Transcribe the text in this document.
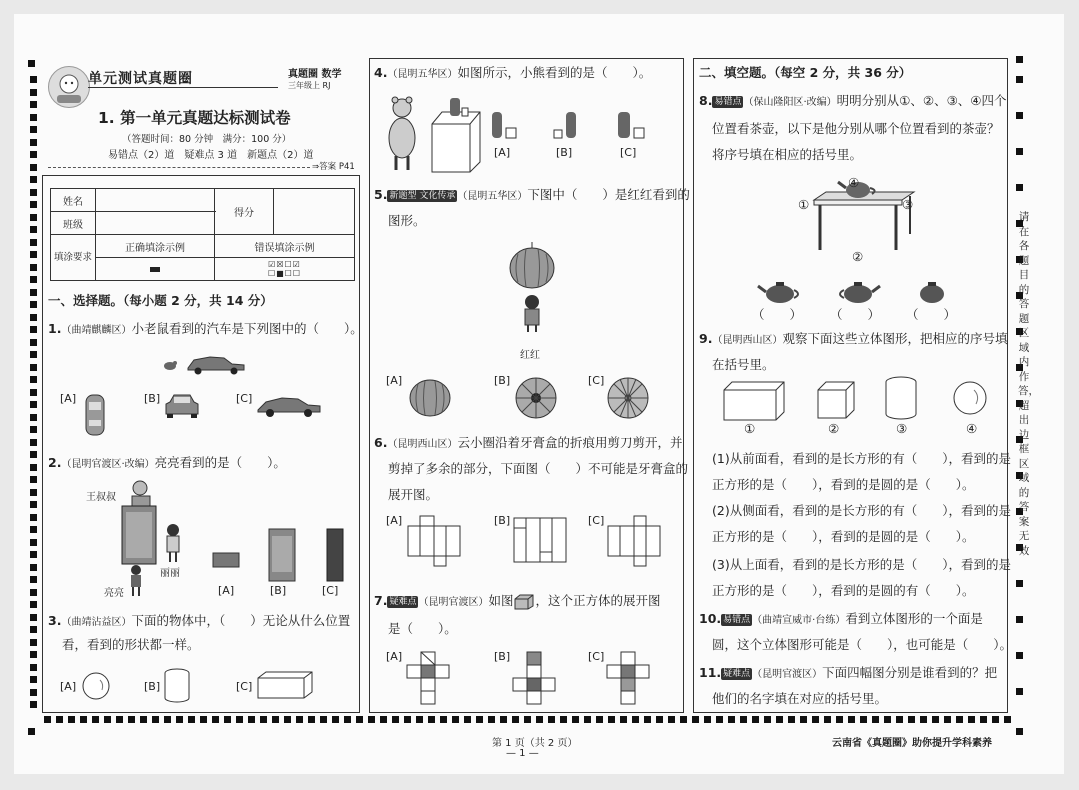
单元测试真题圈	真题圈 数学
三年级上 RJ
1. 第一单元真题达标测试卷
（答题时间：80 分钟　满分：100 分）
易错点（2）道　疑难点 3 道　新题点（2）道
⇒答案 P41
姓名		得分	
班级			
填涂要求	正确填涂示例	错误填涂示例	
		☑☒☐☑
☐■☐☐	
一、选择题。（每小题 2 分，共 14 分）
1.（曲靖麒麟区）小老鼠看到的汽车是下列图中的（　　）。
[A]	[B]	[C]
2.（昆明官渡区·改编）亮亮看到的是（　　）。
王叔叔
丽丽
亮亮	[A]	[B]	[C]
3.（曲靖沾益区）下面的物体中，（　　）无论从什么位置
看，看到的形状都一样。
[A]	[B]	[C]
4.（昆明五华区）如图所示，小熊看到的是（　　）。
[A]	[B]	[C]
5. 新题型 文化传承 （昆明五华区）下图中（　　）是红红看到的
图形。
红红
[A]	[B]	[C]
6.（昆明西山区）云小圈沿着牙膏盒的折痕用剪刀剪开，并
剪掉了多余的部分，下面图（　　）不可能是牙膏盒的
展开图。
[A]	[B]	[C]
7. 疑难点 （昆明官渡区）如图 ，这个正方体的展开图
是（　　）。
[A]	[B]	[C]
二、填空题。（每空 2 分，共 36 分）
8. 易错点 （保山隆阳区·改编）明明分别从①、②、③、④四个
位置看茶壶，以下是他分别从哪个位置看到的茶壶？
将序号填在相应的括号里。
④
①	③
②
（　　） （　　） （　　）
9.（昆明西山区）观察下面这些立体图形，把相应的序号填
在括号里。
①	②	③	④
(1)从前面看，看到的是长方形的有（　　），看到的是
正方形的是（　　），看到的是圆的是（　　）。
(2)从侧面看，看到的是长方形的有（　　），看到的是
正方形的是（　　），看到的是圆的是（　　）。
(3)从上面看，看到的是长方形的是（　　），看到的是
正方形的是（　　），看到的是圆的有（　　）。
10. 易错点 （曲靖宣威市·台练）看到立体图形的一个面是
圆，这个立体图形可能是（　　），也可能是（　　）。
11. 疑难点 （昆明官渡区）下面四幅图分别是谁看到的？把
他们的名字填在对应的括号里。
请在各题目的答题区域内作答，超出边框区域的答案无效
第 1 页（共 2 页）
— 1 —
云南省《真题圈》助你提升学科素养
